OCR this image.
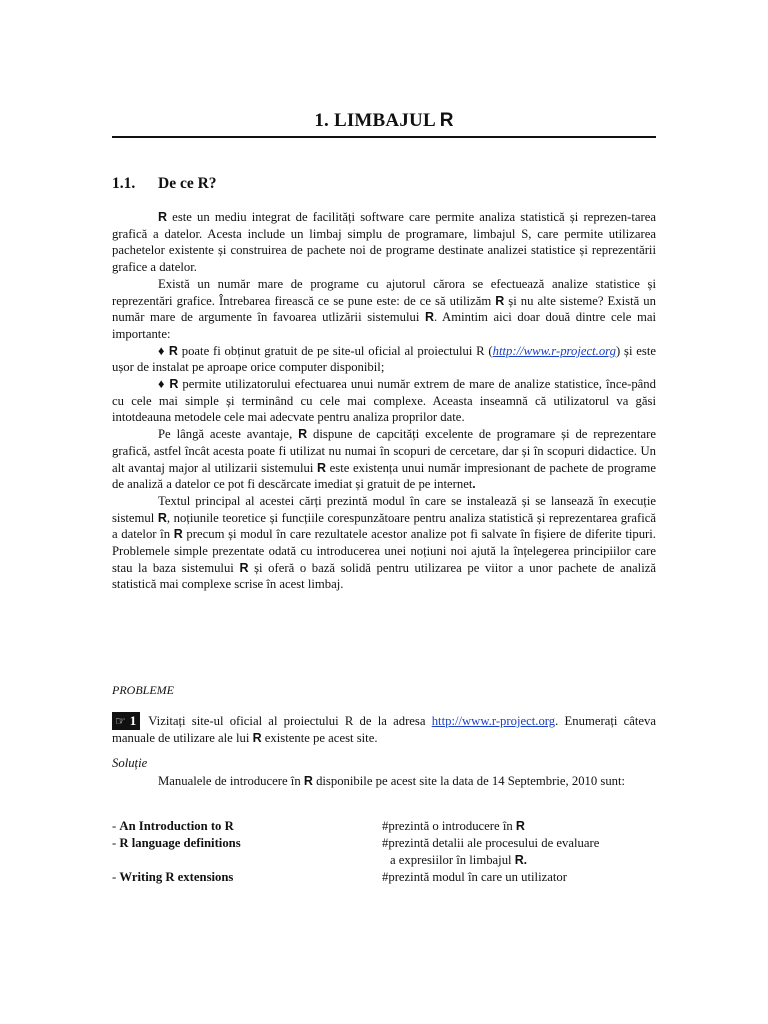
1. LIMBAJUL R
1.1. De ce R?

R este un mediu integrat de facilități software care permite analiza statistică și reprezen-tarea grafică a datelor. Acesta include un limbaj simplu de programare, limbajul S, care permite utilizarea pachetelor existente și construirea de pachete noi de programe destinate analizei statistice și reprezentării grafice a datelor.

Există un număr mare de programe cu ajutorul cărora se efectuează analize statistice și reprezentări grafice. Întrebarea firească ce se pune este: de ce să utilizăm R și nu alte sisteme? Există un număr mare de argumente în favoarea utlizării sistemului R. Amintim aici doar două dintre cele mai importante:

♦ R poate fi obținut gratuit de pe site-ul oficial al proiectului R (http://www.r-project.org) și este ușor de instalat pe aproape orice computer disponibil;

♦ R permite utilizatorului efectuarea unui număr extrem de mare de analize statistice, înce-pând cu cele mai simple și terminând cu cele mai complexe. Aceasta inseamnă că utilizatorul va găsi intotdeauna metodele cele mai adecvate pentru analiza proprilor date.

Pe lângă aceste avantaje, R dispune de capcități excelente de programare și de reprezentare grafică, astfel încât acesta poate fi utilizat nu numai în scopuri de cercetare, dar și în scopuri didactice. Un alt avantaj major al utilizarii sistemului R este existența unui număr impresionant de pachete de programe de analiză a datelor ce pot fi descărcate imediat și gratuit de pe internet.

Textul principal al acestei cărți prezintă modul în care se instalează și se lansează în execuție sistemul R, noțiunile teoretice și funcțiile corespunzătoare pentru analiza statistică și reprezentarea grafică a datelor în R precum și modul în care rezultatele acestor analize pot fi salvate în fișiere de diferite tipuri. Problemele simple prezentate odată cu introducerea unei noțiuni noi ajută la înțelegerea principiilor care stau la baza sistemului R și oferă o bază solidă pentru utilizarea pe viitor a unor pachete de analiză statistică mai complexe scrise în acest limbaj.

PROBLEME
☞ 1 Vizitați site-ul oficial al proiectului R de la adresa http://www.r-project.org. Enumerați câteva manuale de utilizare ale lui R existente pe acest site.
Soluție

Manualele de introducere în R disponibile pe acest site la data de 14 Septembrie, 2010 sunt:

- An Introduction to R	#prezintă o introducere în R
- R language definitions	#prezintă detalii ale procesului de evaluare
a expresiilor în limbajul R.
- Writing R extensions	#prezintă modul în care un utilizator
